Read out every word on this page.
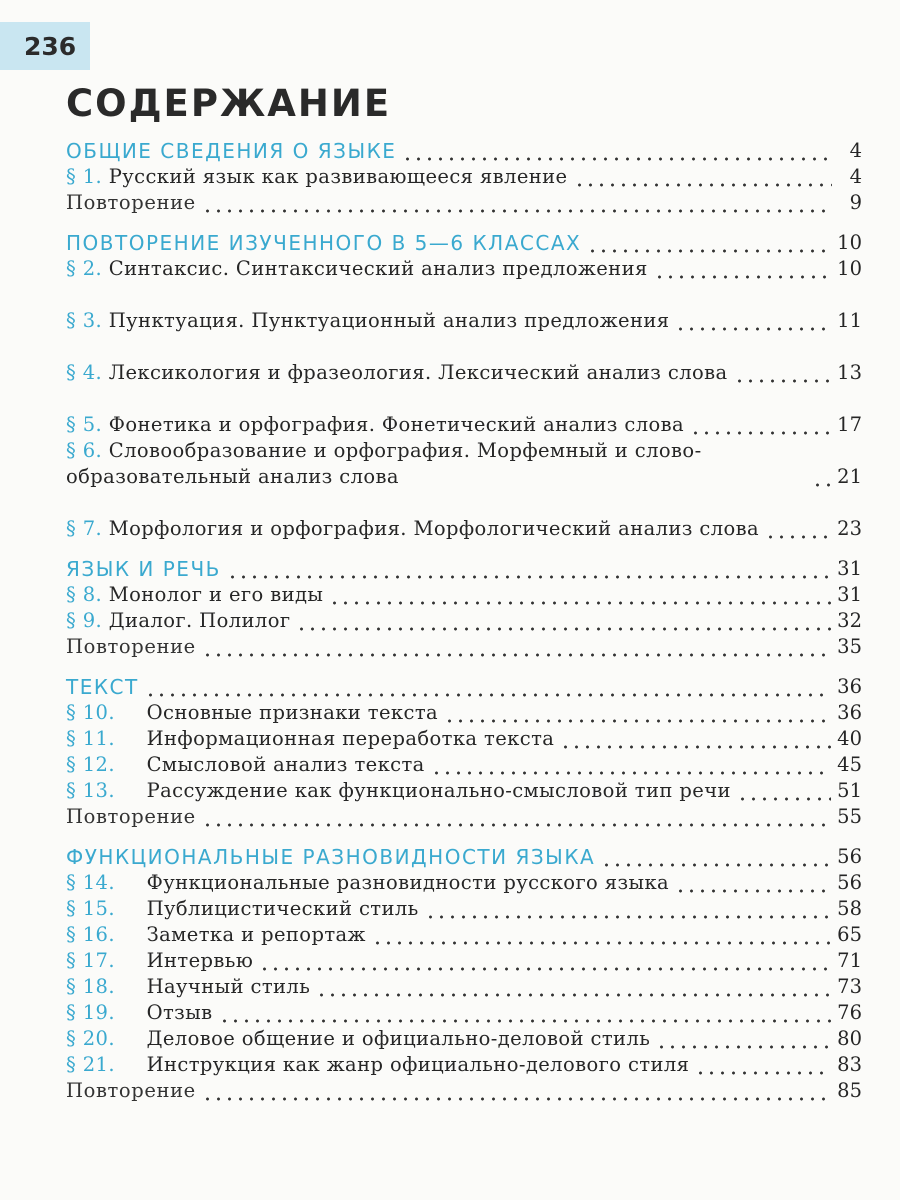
236
СОДЕРЖАНИЕ
ОБЩИЕ СВЕДЕНИЯ О ЯЗЫКЕ	4
§ 1. Русский язык как развивающееся явление	4
Повторение	9
ПОВТОРЕНИЕ ИЗУЧЕННОГО В 5—6 КЛАССАХ	10
§ 2. Синтаксис. Синтаксический анализ предложения	10
§ 3. Пунктуация. Пунктуационный анализ предложения	11
§ 4. Лексикология и фразеология. Лексический анализ слова	13
§ 5. Фонетика и орфография. Фонетический анализ слова	17
§ 6. Словообразование и орфография. Морфемный и слово-образовательный анализ слова	21
§ 7. Морфология и орфография. Морфологический анализ слова	23
ЯЗЫК И РЕЧЬ	31
§ 8. Монолог и его виды	31
§ 9. Диалог. Полилог	32
Повторение	35
ТЕКСТ	36
§ 10. Основные признаки текста	36
§ 11. Информационная переработка текста	40
§ 12. Смысловой анализ текста	45
§ 13. Рассуждение как функционально-смысловой тип речи	51
Повторение	55
ФУНКЦИОНАЛЬНЫЕ РАЗНОВИДНОСТИ ЯЗЫКА	56
§ 14. Функциональные разновидности русского языка	56
§ 15. Публицистический стиль	58
§ 16. Заметка и репортаж	65
§ 17. Интервью	71
§ 18. Научный стиль	73
§ 19. Отзыв	76
§ 20. Деловое общение и официально-деловой стиль	80
§ 21. Инструкция как жанр официально-делового стиля	83
Повторение	85
